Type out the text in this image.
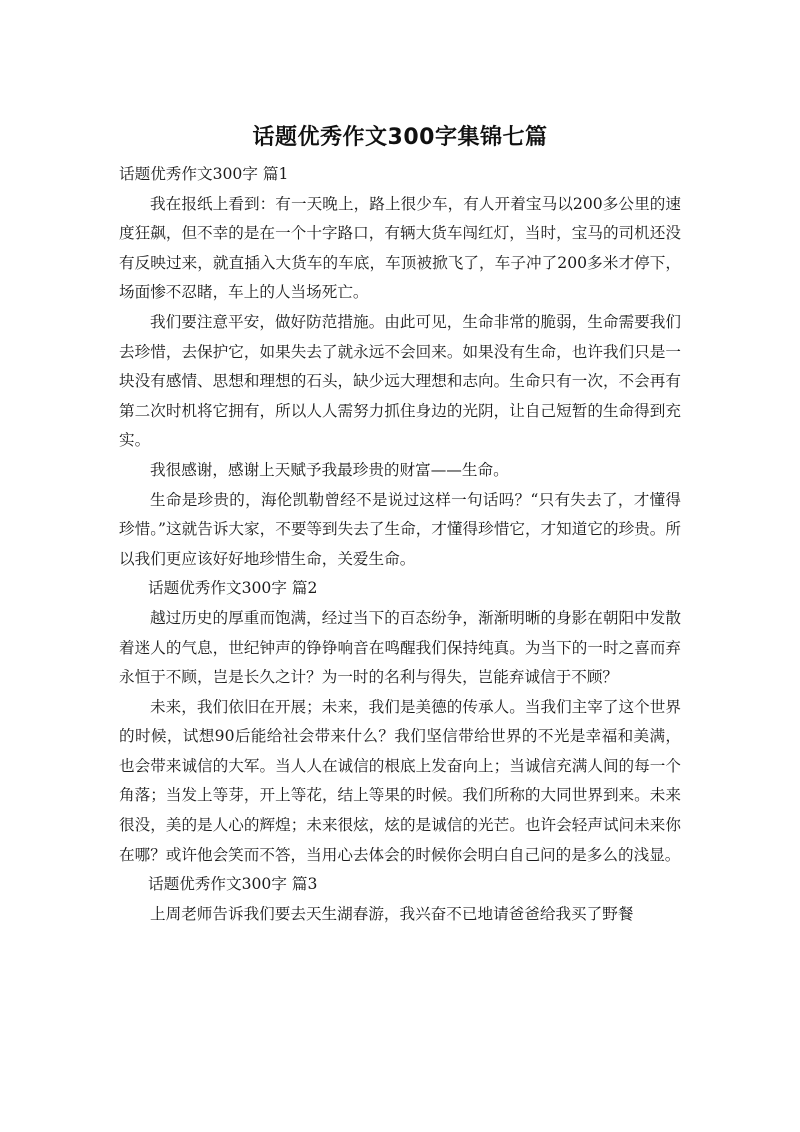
话题优秀作文300字集锦七篇

话题优秀作文300字 篇1

我在报纸上看到：有一天晚上，路上很少车，有人开着宝马以200多公里的速度狂飙，但不幸的是在一个十字路口，有辆大货车闯红灯，当时，宝马的司机还没有反映过来，就直插入大货车的车底，车顶被掀飞了，车子冲了200多米才停下，场面惨不忍睹，车上的人当场死亡。

我们要注意平安，做好防范措施。由此可见，生命非常的脆弱，生命需要我们去珍惜，去保护它，如果失去了就永远不会回来。如果没有生命，也许我们只是一块没有感情、思想和理想的石头，缺少远大理想和志向。生命只有一次，不会再有第二次时机将它拥有，所以人人需努力抓住身边的光阴，让自己短暂的生命得到充实。

我很感谢，感谢上天赋予我最珍贵的财富——生命。

生命是珍贵的，海伦凯勒曾经不是说过这样一句话吗？“只有失去了，才懂得珍惜。”这就告诉大家，不要等到失去了生命，才懂得珍惜它，才知道它的珍贵。所以我们更应该好好地珍惜生命，关爱生命。

话题优秀作文300字 篇2

越过历史的厚重而饱满，经过当下的百态纷争，渐渐明晰的身影在朝阳中发散着迷人的气息，世纪钟声的铮铮响音在鸣醒我们保持纯真。为当下的一时之喜而弃永恒于不顾，岂是长久之计？为一时的名利与得失，岂能弃诚信于不顾？

未来，我们依旧在开展；未来，我们是美德的传承人。当我们主宰了这个世界的时候，试想90后能给社会带来什么？我们坚信带给世界的不光是幸福和美满，也会带来诚信的大军。当人人在诚信的根底上发奋向上；当诚信充满人间的每一个角落；当发上等芽，开上等花，结上等果的时候。我们所称的大同世界到来。未来很没，美的是人心的辉煌；未来很炫，炫的是诚信的光芒。也许会轻声试问未来你在哪？或许他会笑而不答，当用心去体会的时候你会明白自己问的是多么的浅显。

话题优秀作文300字 篇3

上周老师告诉我们要去天生湖春游，我兴奋不已地请爸爸给我买了野餐
